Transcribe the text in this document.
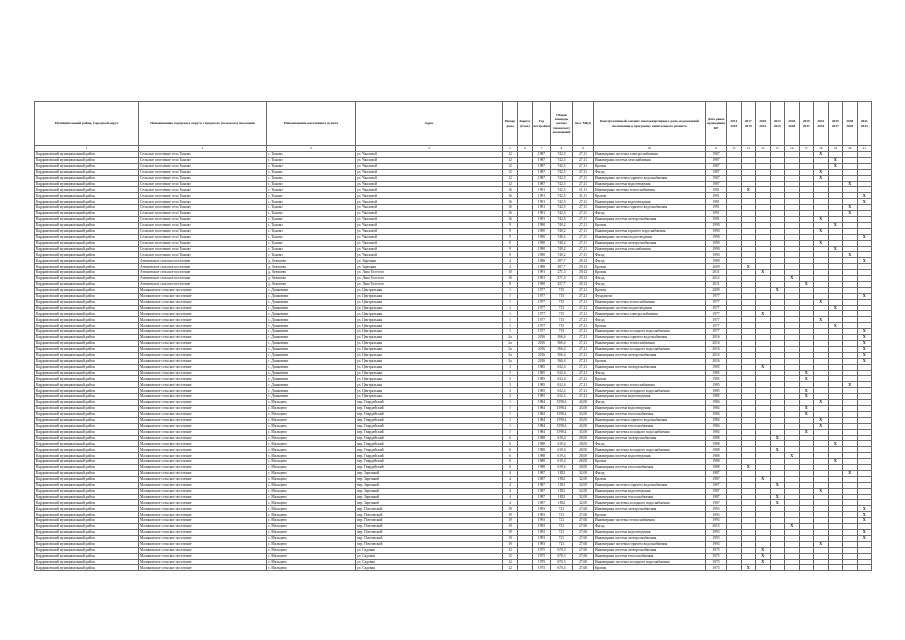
Муниципальный район, Городской округ	Наименование городского округа, городского (сельского) поселения	Наименование населенного пункта	Адрес	Номер дома	Корпус (блок)	Год постройки	Общая площадь жилых (нежилых) помещений	Кол. МКД	Конструктивный элемент многоквартирного дома, подлежащий включению в программу капитального ремонта	Дата ранее проведения КР	2014 2016	2017 2019	2020 2022	2023 2025	2026 2028	2029 2031	2032 2034	2035 2037	2038 2040	2041 2043
1	2	3	4	5	6	7	8	9	10	11	12	13	14	15	16	17	18	19	20	21
Кардымовский муниципальный район	Сельское поселение село Тынлят	с. Тынлят	ул. Чкаловой	12		1987	742,5	27,11	Инженерные системы электроснабжения	1987							X			
Кардымовский муниципальный район	Сельское поселение село Тынлят	с. Тынлят	ул. Чкаловой	12		1987	742,5	27,11	Инженерная система газоснабжения	1987								X		
Кардымовский муниципальный район	Сельское поселение село Тынлят	с. Тынлят	ул. Чкаловой	12		1987	742,5	27,11	Кровля	1987								X		
Кардымовский муниципальный район	Сельское поселение село Тынлят	с. Тынлят	ул. Чкаловой	12		1987	742,5	27,11	Фасад	1987							X			
Кардымовский муниципальный район	Сельское поселение село Тынлят	с. Тынлят	ул. Чкаловой	12		1987	742,5	27,11	Инженерные системы горячего водоснабжения	1987							X			
Кардымовский муниципальный район	Сельское поселение село Тынлят	с. Тынлят	ул. Чкаловой	12		1987	742,5	27,11	Инженерная система водоотведения	1987									X	
Кардымовский муниципальный район	Сельское поселение село Тынлят	с. Тынлят	ул. Чкаловой	16		1991	742,5	31,11	Инженерные системы теплоснабжения	1991		X								
Кардымовский муниципальный район	Сельское поселение село Тынлят	с. Тынлят	ул. Чкаловой	16		1991	742,5	31,11	Кровля	1991										X
Кардымовский муниципальный район	Сельское поселение село Тынлят	с. Тынлят	ул. Чкаловой	16		1991	742,5	27,11	Инженерная система водоотведения	1991										X
Кардымовский муниципальный район	Сельское поселение село Тынлят	с. Тынлят	ул. Чкаловой	16		1991	742,5	27,11	Инженерные системы горячего водоснабжения	1991									X	
Кардымовский муниципальный район	Сельское поселение село Тынлят	с. Тынлят	ул. Чкаловой	16		1991	742,5	27,11	Фасад	1991									X	
Кардымовский муниципальный район	Сельское поселение село Тынлят	с. Тынлят	ул. Чкаловой	16		1991	742,5	27,11	Инженерная система электроснабжения	1991							X			
Кардымовский муниципальный район	Сельское поселение село Тынлят	с. Тынлят	ул. Чкаловой	9		1990	740,2	27,11	Кровля	1990								X		
Кардымовский муниципальный район	Сельское поселение село Тынлят	с. Тынлят	ул. Чкаловой	9		1990	740,2	27,11	Инженерная система горячего водоснабжения	1990							X			
Кардымовский муниципальный район	Сельское поселение село Тынлят	с. Тынлят	ул. Чкаловой	9		1990	740,2	27,11	Инженерные системы водоотведения	1990										X
Кардымовский муниципальный район	Сельское поселение село Тынлят	с. Тынлят	ул. Чкаловой	9		1990	740,2	27,11	Инженерная система электроснабжения	1990							X			
Кардымовский муниципальный район	Сельское поселение село Тынлят	с. Тынлят	ул. Чкаловой	9		1990	740,2	27,11	Инженерная система газоснабжения	1990								X		
Кардымовский муниципальный район	Сельское поселение село Тынлят	с. Тынлят	ул. Чкаловой	9		1990	740,2	27,11	Фасад	1990									X	
Кардымовский муниципальный район	Атюшевское сельское поселение	д. Атюшево	ул. Заречная	4		1988	387,7	29,12	Фасад	1989										X
Кардымовский муниципальный район	Атюшевское сельское поселение	д. Атюшево	ул. Заречная	4		1988	387,7	29,12	Кровля	2009		X								
Кардымовский муниципальный район	Атюшевское сельское поселение	д. Атюшево	ул. Льва Толстого	10		1991	271,3	29,12	Кровля	2011			X							
Кардымовский муниципальный район	Атюшевское сельское поселение	д. Атюшево	ул. Льва Толстого	10		1991	271,3	29,12	Фасад	2012					X					
Кардымовский муниципальный район	Атюшевское сельское поселение	д. Атюшево	ул. Льва Толстого	8		1990	257,7	29,12	Фасад	2011						X				
Кардымовский муниципальный район	Малиновское сельское поселение	с. Донковичи	ул. Центральная	1		1977	715	27,21	Кровля	2009				X						
Кардымовский муниципальный район	Малиновское сельское поселение	с. Донковичи	ул. Центральная	1		1977	715	27,21	Фундамент	1977										X
Кардымовский муниципальный район	Малиновское сельское поселение	с. Донковичи	ул. Центральная	1		1977	715	27,21	Инженерные системы теплоснабжения	1977							X			
Кардымовский муниципальный район	Малиновское сельское поселение	с. Донковичи	ул. Центральная	1		1977	715	27,21	Инженерные системы водоотведения	1977								X		
Кардымовский муниципальный район	Малиновское сельское поселение	с. Донковичи	ул. Центральная	1		1977	715	27,21	Инженерные системы электроснабжения	1977			X							
Кардымовский муниципальный район	Малиновское сельское поселение	с. Донковичи	ул. Центральная	1		1977	715	27,21	Фасад	1977							X			
Кардымовский муниципальный район	Малиновское сельское поселение	с. Донковичи	ул. Центральная	1		1977	715	27,21	Кровля	1977								X		
Кардымовский муниципальный район	Малиновское сельское поселение	с. Донковичи	ул. Центральная	1		1977	715	27,21	Инженерные системы холодного водоснабжения	1977										X
Кардымовский муниципальный район	Малиновское сельское поселение	с. Донковичи	ул. Центральная	2а		2016	566,4	27,21	Инженерные системы горячего водоснабжения	2016										X
Кардымовский муниципальный район	Малиновское сельское поселение	с. Донковичи	ул. Центральная	2а		2016	566,4	27,21	Инженерные системы теплоснабжения	2016										X
Кардымовский муниципальный район	Малиновское сельское поселение	с. Донковичи	ул. Центральная	2а		2016	566,4	27,21	Инженерные системы холодного водоснабжения	2016										X
Кардымовский муниципальный район	Малиновское сельское поселение	с. Донковичи	ул. Центральная	2а		2016	566,4	27,21	Инженерная система электроснабжения	2016										X
Кардымовский муниципальный район	Малиновское сельское поселение	с. Донковичи	ул. Центральная	2а		2016	566,4	27,21	Кровля	2016										X
Кардымовский муниципальный район	Малиновское сельское поселение	с. Донковичи	ул. Центральная	3		1985	632,4	27,21	Инженерная система электроснабжения	1985			X							
Кардымовский муниципальный район	Малиновское сельское поселение	с. Донковичи	ул. Центральная	3		1985	632,4	27,21	Фасад	1985						X				
Кардымовский муниципальный район	Малиновское сельское поселение	с. Донковичи	ул. Центральная	3		1985	632,4	27,21	Кровля	1985						X				
Кардымовский муниципальный район	Малиновское сельское поселение	с. Донковичи	ул. Центральная	3		1985	632,4	27,21	Инженерные системы теплоснабжения	1985									X	
Кардымовский муниципальный район	Малиновское сельское поселение	с. Донковичи	ул. Центральная	3		1985	632,4	27,21	Инженерные системы холодного водоснабжения	1985						X				
Кардымовский муниципальный район	Малиновское сельское поселение	с. Донковичи	ул. Центральная	3		1985	632,4	27,21	Инженерная система водоотведения	1985						X				
Кардымовский муниципальный район	Малиновское сельское поселение	с. Мальцево	пер. Гвардейский	1		1984	1598,4	43,00	Фасад	1984							X			
Кардымовский муниципальный район	Малиновское сельское поселение	с. Мальцево	пер. Гвардейский	1		1984	1598,4	43,00	Инженерная система водоотведения	1984						X				
Кардымовский муниципальный район	Малиновское сельское поселение	с. Мальцево	пер. Гвардейский	1		1984	1598,4	43,00	Инженерная система теплоснабжения	1984						X				
Кардымовский муниципальный район	Малиновское сельское поселение	с. Мальцево	пер. Гвардейский	1		1984	1598,4	43,00	Инженерные системы горячего водоснабжения	1984							X			
Кардымовский муниципальный район	Малиновское сельское поселение	с. Мальцево	пер. Гвардейский	1		1984	1598,4	43,00	Инженерная система теплоснабжения	1984							X			
Кардымовский муниципальный район	Малиновское сельское поселение	с. Мальцево	пер. Гвардейский	1		1984	1598,4	43,00	Инженерные системы холодного водоснабжения	1984						X				
Кардымовский муниципальный район	Малиновское сельское поселение	с. Мальцево	пер. Гвардейский	6		1988	619,4	28,00	Инженерная система электроснабжения	1988				X						
Кардымовский муниципальный район	Малиновское сельское поселение	с. Мальцево	пер. Гвардейский	6		1988	619,4	28,00	Фасад	1988								X		
Кардымовский муниципальный район	Малиновское сельское поселение	с. Мальцево	пер. Гвардейский	6		1988	619,4	28,00	Инженерные системы холодного водоснабжения	1988				X						
Кардымовский муниципальный район	Малиновское сельское поселение	с. Мальцево	пер. Гвардейский	6		1988	619,4	28,00	Инженерная система водоотведения	1988					X					
Кардымовский муниципальный район	Малиновское сельское поселение	с. Мальцево	пер. Гвардейский	6		1988	619,4	28,00	Кровля	1988								X		
Кардымовский муниципальный район	Малиновское сельское поселение	с. Мальцево	пер. Гвардейский	6		1988	619,4	28,00	Инженерная система теплоснабжения	1988		X								
Кардымовский муниципальный район	Малиновское сельское поселение	с. Мальцево	пер. Заречный	4		1987	1852	32,00	Фасад	1987									X	
Кардымовский муниципальный район	Малиновское сельское поселение	с. Мальцево	пер. Заречный	4		1987	1852	32,00	Кровля	1987			X							
Кардымовский муниципальный район	Малиновское сельское поселение	с. Мальцево	пер. Заречный	4		1987	1852	32,00	Инженерные системы горячего водоснабжения	1987				X						
Кардымовский муниципальный район	Малиновское сельское поселение	с. Мальцево	пер. Заречный	4		1987	1852	32,00	Инженерная система водоотведения	1987							X			
Кардымовский муниципальный район	Малиновское сельское поселение	с. Мальцево	пер. Заречный	4		1987	1852	32,00	Инженерная система теплоснабжения	1987				X						
Кардымовский муниципальный район	Малиновское сельское поселение	с. Мальцево	пер. Заречный	4		1987	1852	32,00	Инженерные системы холодного водоснабжения	1987				X						
Кардымовский муниципальный район	Малиновское сельское поселение	с. Мальцево	пер. Почтовский	19		1993	721	27,60	Инженерная система электроснабжения	1993										X
Кардымовский муниципальный район	Малиновское сельское поселение	с. Мальцево	пер. Почтовский	19		1993	721	27,60	Кровля	1993										X
Кардымовский муниципальный район	Малиновское сельское поселение	с. Мальцево	пер. Почтовский	19		1993	721	27,60	Инженерные системы теплоснабжения	1993										X
Кардымовский муниципальный район	Малиновское сельское поселение	с. Мальцево	пер. Почтовский	19		1993	721	27,60	Фасад	2015					X					
Кардымовский муниципальный район	Малиновское сельское поселение	с. Мальцево	пер. Почтовский	19		1993	721	27,60	Инженерная система водоотведения	1993										X
Кардымовский муниципальный район	Малиновское сельское поселение	с. Мальцево	пер. Почтовский	19		1993	721	27,60	Инженерная система электроснабжения	1993										X
Кардымовский муниципальный район	Малиновское сельское поселение	с. Мальцево	пер. Почтовский	19		1993	721	27,60	Инженерные системы горячего водоснабжения	1993							X			
Кардымовский муниципальный район	Малиновское сельское поселение	с. Мальцево	ул. Садовая	12		1975	670,3	27,60	Инженерная система электроснабжения	1975			X							
Кардымовский муниципальный район	Малиновское сельское поселение	с. Мальцево	ул. Садовая	12		1975	670,3	27,60	Инженерная система теплоснабжения	1975			X							
Кардымовский муниципальный район	Малиновское сельское поселение	с. Мальцево	ул. Садовая	12		1975	670,3	27,60	Инженерные системы холодного водоснабжения	1975			X							
Кардымовский муниципальный район	Малиновское сельское поселение	с. Мальцево	ул. Садовая	12		1975	670,3	27,60	Кровля	1975		X								
